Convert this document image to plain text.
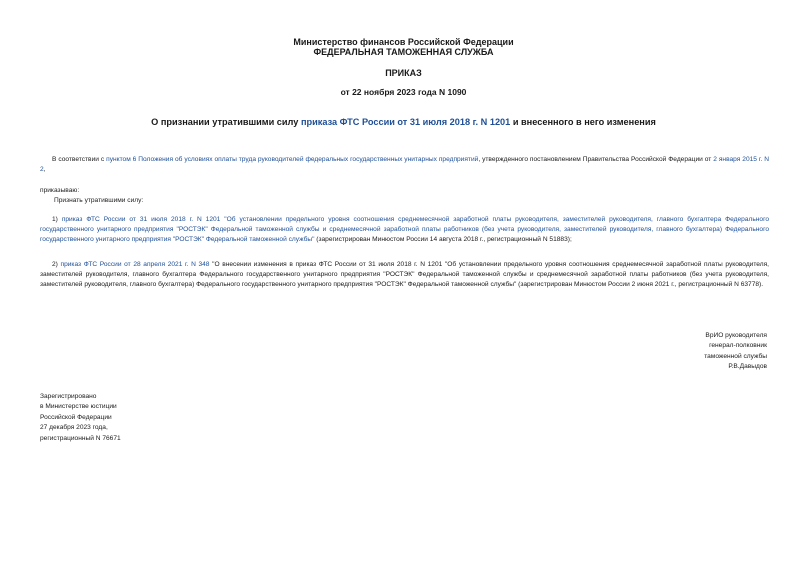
Министерство финансов Российской Федерации
ФЕДЕРАЛЬНАЯ ТАМОЖЕННАЯ СЛУЖБА
ПРИКАЗ
от 22 ноября 2023 года N 1090
О признании утратившими силу приказа ФТС России от 31 июля 2018 г. N 1201 и внесенного в него изменения
В соответствии с пунктом 6 Положения об условиях оплаты труда руководителей федеральных государственных унитарных предприятий, утвержденного постановлением Правительства Российской Федерации от 2 января 2015 г. N 2,
приказываю:
Признать утратившими силу:
1) приказ ФТС России от 31 июля 2018 г. N 1201 "Об установлении предельного уровня соотношения среднемесячной заработной платы руководителя, заместителей руководителя, главного бухгалтера Федерального государственного унитарного предприятия "РОСТЭК" Федеральной таможенной службы и среднемесячной заработной платы работников (без учета руководителя, заместителей руководителя, главного бухгалтера) Федерального государственного унитарного предприятия "РОСТЭК" Федеральной таможенной службы" (зарегистрирован Минюстом России 14 августа 2018 г., регистрационный N 51883);
2) приказ ФТС России от 28 апреля 2021 г. N 348 "О внесении изменения в приказ ФТС России от 31 июля 2018 г. N 1201 "Об установлении предельного уровня соотношения среднемесячной заработной платы руководителя, заместителей руководителя, главного бухгалтера Федерального государственного унитарного предприятия "РОСТЭК" Федеральной таможенной службы и среднемесячной заработной платы работников (без учета руководителя, заместителей руководителя, главного бухгалтера) Федерального государственного унитарного предприятия "РОСТЭК" Федеральной таможенной службы" (зарегистрирован Минюстом России 2 июня 2021 г., регистрационный N 63778).
ВрИО руководителя
генерал-полковник
таможенной службы
Р.В.Давыдов
Зарегистрировано
в Министерстве юстиции
Российской Федерации
27 декабря 2023 года,
регистрационный N 76671
